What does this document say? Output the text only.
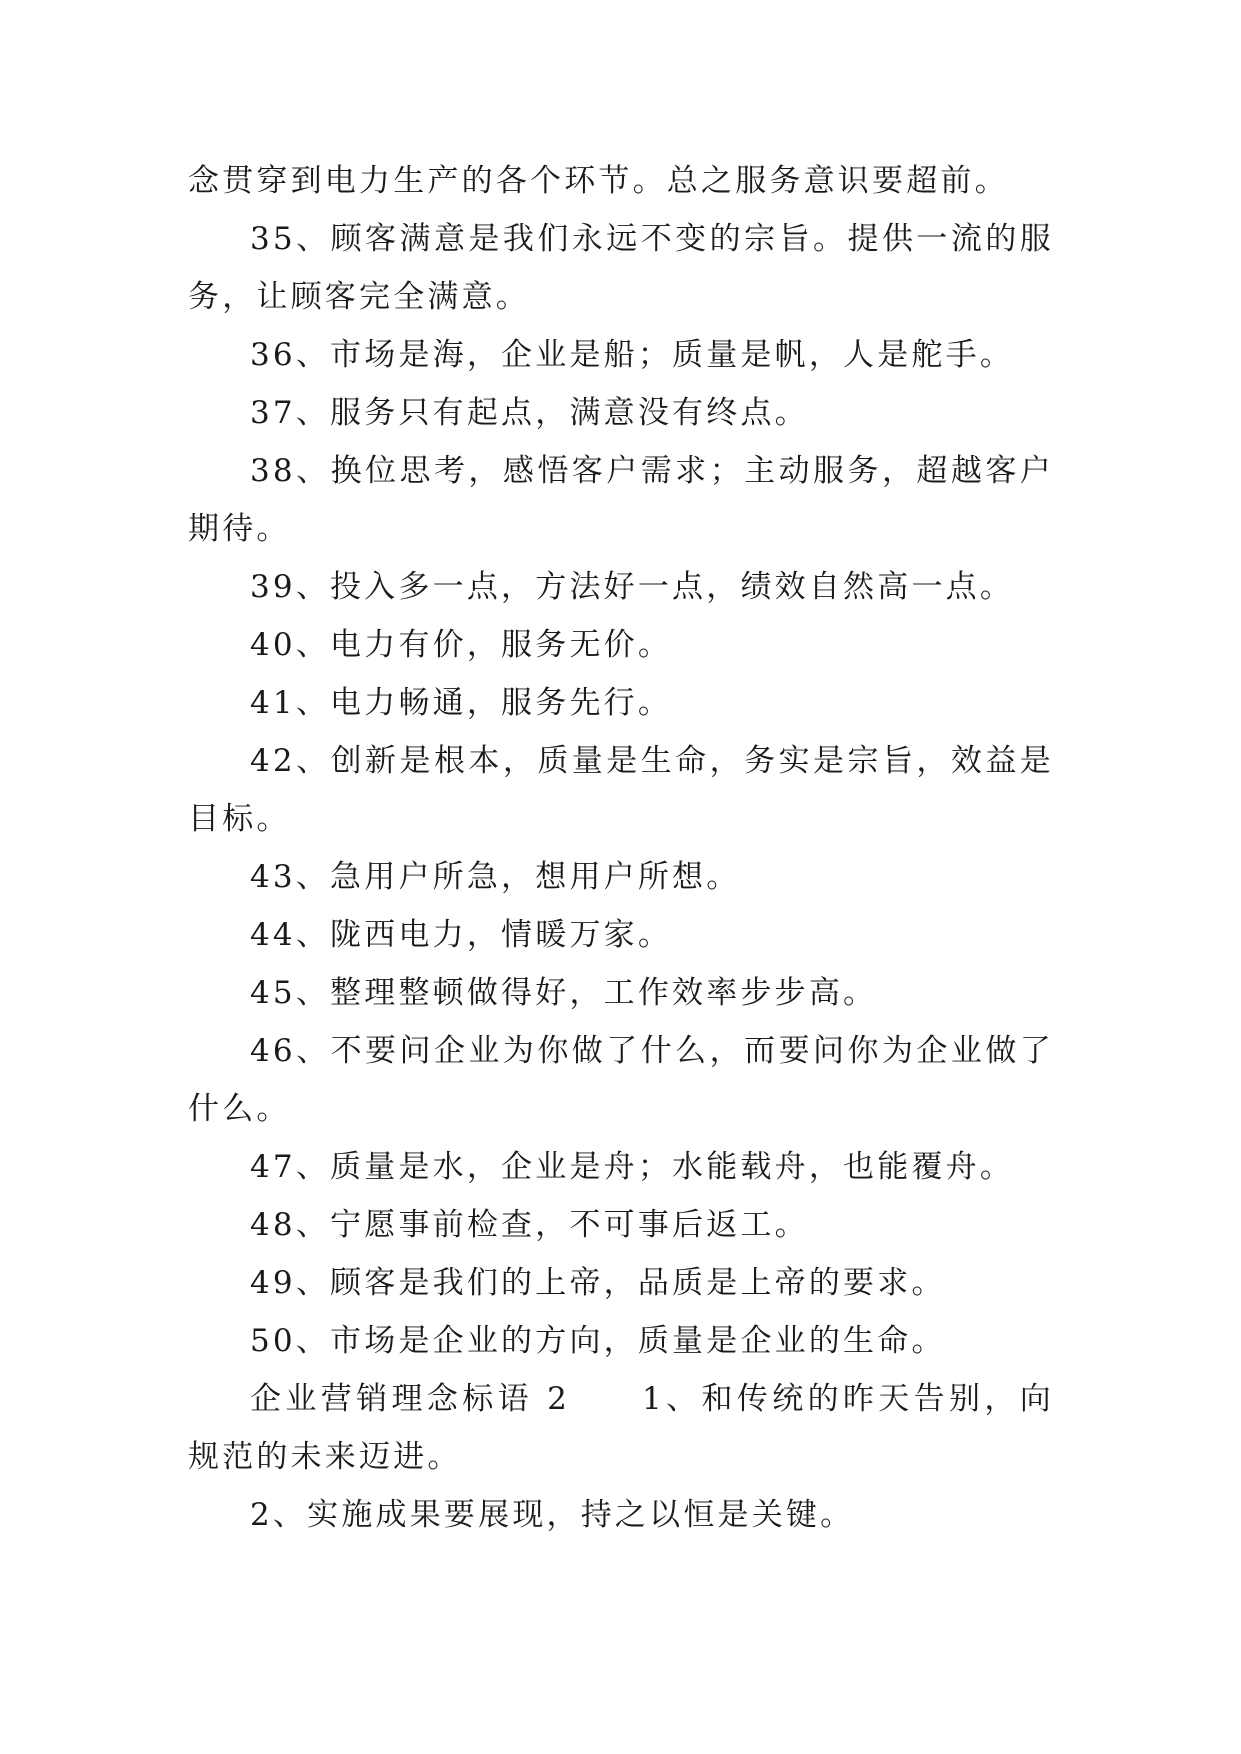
念贯穿到电力生产的各个环节。总之服务意识要超前。

35、顾客满意是我们永远不变的宗旨。提供一流的服务，让顾客完全满意。

36、市场是海，企业是船；质量是帆，人是舵手。

37、服务只有起点，满意没有终点。

38、换位思考，感悟客户需求；主动服务，超越客户期待。

39、投入多一点，方法好一点，绩效自然高一点。

40、电力有价，服务无价。

41、电力畅通，服务先行。

42、创新是根本，质量是生命，务实是宗旨，效益是目标。

43、急用户所急，想用户所想。

44、陇西电力，情暖万家。

45、整理整顿做得好，工作效率步步高。

46、不要问企业为你做了什么，而要问你为企业做了什么。

47、质量是水，企业是舟；水能载舟，也能覆舟。

48、宁愿事前检查，不可事后返工。

49、顾客是我们的上帝，品质是上帝的要求。

50、市场是企业的方向，质量是企业的生命。

企业营销理念标语 2　　1、和传统的昨天告别，向规范的未来迈进。

2、实施成果要展现，持之以恒是关键。
